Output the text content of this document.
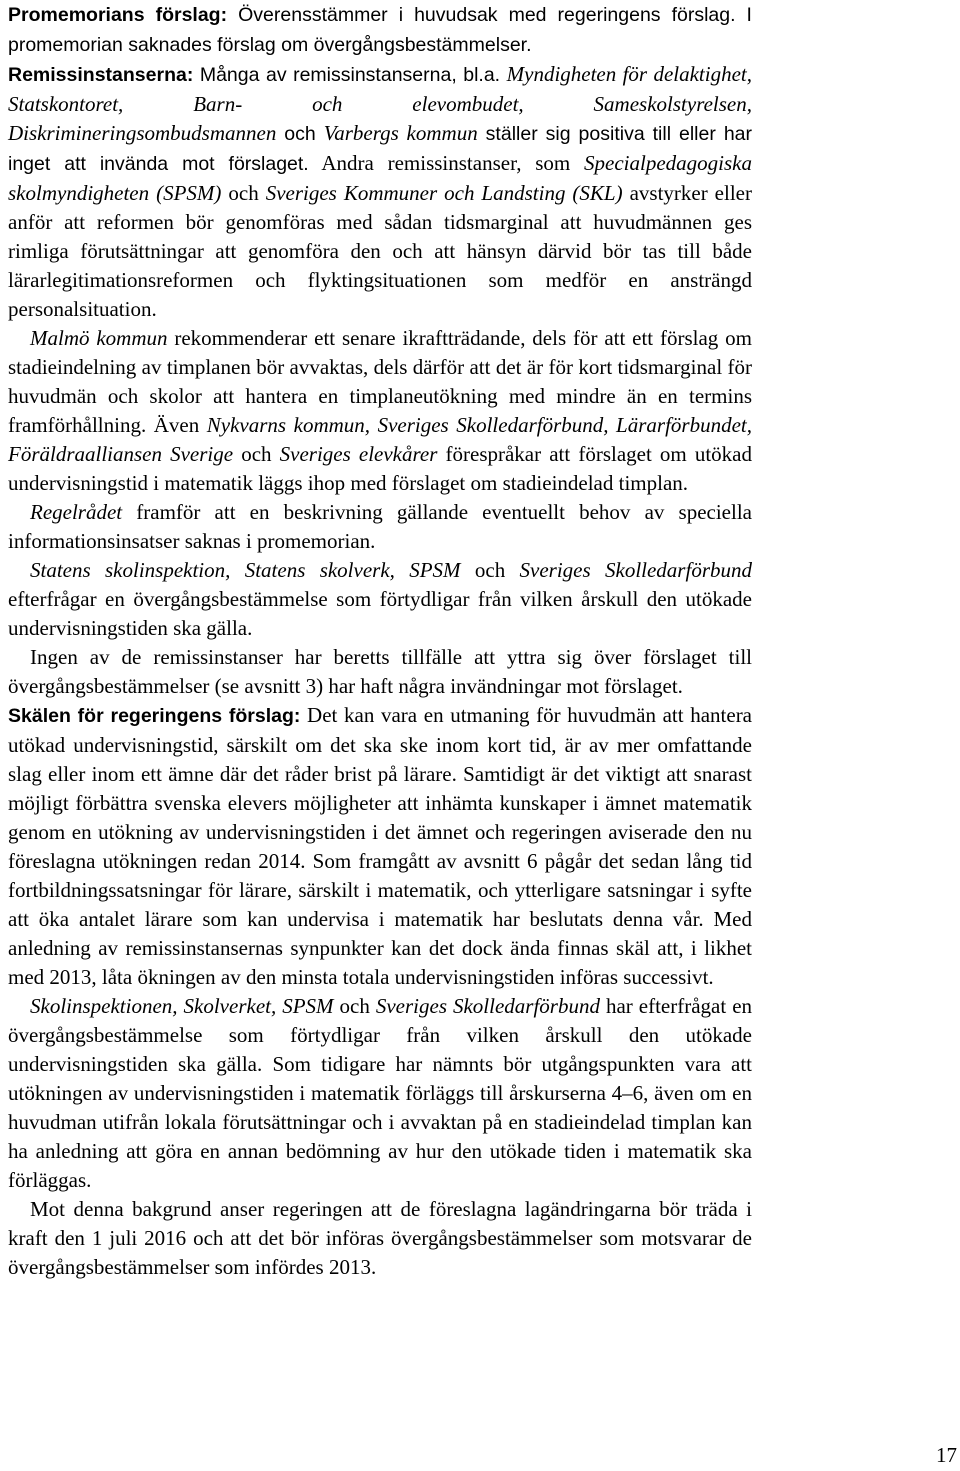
Promemorians förslag: Överensstämmer i huvudsak med regeringens förslag. I promemorian saknades förslag om övergångsbestämmelser.

Remissinstanserna: Många av remissinstanserna, bl.a. Myndigheten för delaktighet, Statskontoret, Barn- och elevombudet, Sameskolstyrelsen, Diskrimineringsombudsmannen och Varbergs kommun ställer sig positiva till eller har inget att invända mot förslaget. Andra remissinstanser, som Specialpedagogiska skolmyndigheten (SPSM) och Sveriges Kommuner och Landsting (SKL) avstyrker eller anför att reformen bör genomföras med sådan tidsmarginal att huvudmännen ges rimliga förutsättningar att genomföra den och att hänsyn därvid bör tas till både lärarlegitimationsreformen och flyktingsituationen som medför en ansträngd personalsituation.

Malmö kommun rekommenderar ett senare ikraftträdande, dels för att ett förslag om stadieindelning av timplanen bör avvaktas, dels därför att det är för kort tidsmarginal för huvudmän och skolor att hantera en timplaneutökning med mindre än en termins framförhållning. Även Nykvarns kommun, Sveriges Skolledarförbund, Lärarförbundet, Föräldraalliansen Sverige och Sveriges elevkårer förespråkar att förslaget om utökad undervisningstid i matematik läggs ihop med förslaget om stadieindelad timplan.

Regelrådet framför att en beskrivning gällande eventuellt behov av speciella informationsinsatser saknas i promemorian.

Statens skolinspektion, Statens skolverk, SPSM och Sveriges Skolledarförbund efterfrågar en övergångsbestämmelse som förtydligar från vilken årskull den utökade undervisningstiden ska gälla.

Ingen av de remissinstanser har beretts tillfälle att yttra sig över förslaget till övergångsbestämmelser (se avsnitt 3) har haft några invändningar mot förslaget.

Skälen för regeringens förslag: Det kan vara en utmaning för huvudmän att hantera utökad undervisningstid, särskilt om det ska ske inom kort tid, är av mer omfattande slag eller inom ett ämne där det råder brist på lärare. Samtidigt är det viktigt att snarast möjligt förbättra svenska elevers möjligheter att inhämta kunskaper i ämnet matematik genom en utökning av undervisningstiden i det ämnet och regeringen aviserade den nu föreslagna utökningen redan 2014. Som framgått av avsnitt 6 pågår det sedan lång tid fortbildningssatsningar för lärare, särskilt i matematik, och ytterligare satsningar i syfte att öka antalet lärare som kan undervisa i matematik har beslutats denna vår. Med anledning av remissinstansernas synpunkter kan det dock ända finnas skäl att, i likhet med 2013, låta ökningen av den minsta totala undervisningstiden införas successivt.

Skolinspektionen, Skolverket, SPSM och Sveriges Skolledarförbund har efterfrågat en övergångsbestämmelse som förtydligar från vilken årskull den utökade undervisningstiden ska gälla. Som tidigare har nämnts bör utgångspunkten vara att utökningen av undervisningstiden i matematik förläggs till årskurserna 4–6, även om en huvudman utifrån lokala förutsättningar och i avvaktan på en stadieindelad timplan kan ha anledning att göra en annan bedömning av hur den utökade tiden i matematik ska förläggas.

Mot denna bakgrund anser regeringen att de föreslagna lagändringarna bör träda i kraft den 1 juli 2016 och att det bör införas övergångsbestämmelser som motsvarar de övergångsbestämmelser som infördes 2013.

17
